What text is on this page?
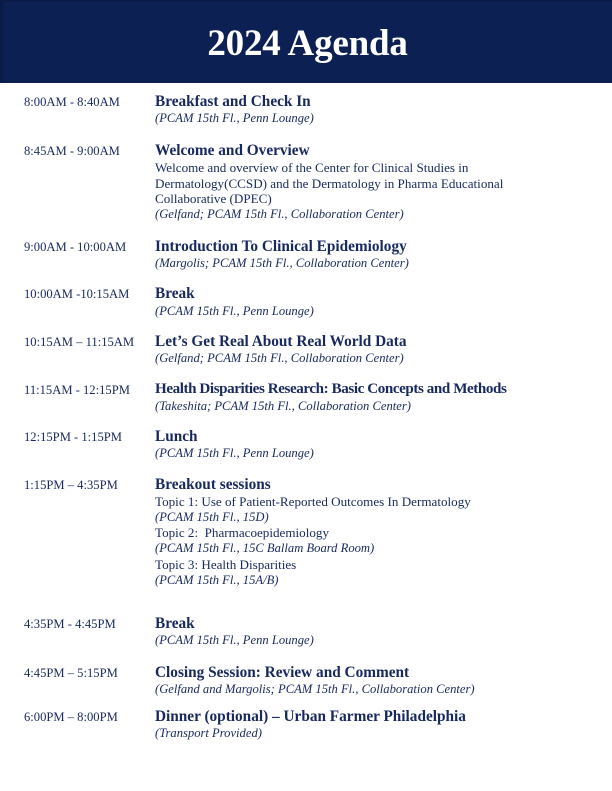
2024 Agenda
8:00AM - 8:40AM	Breakfast and Check In
(PCAM 15th Fl., Penn Lounge)
8:45AM - 9:00AM	Welcome and Overview
Welcome and overview of the Center for Clinical Studies in
Dermatology(CCSD) and the Dermatology in Pharma Educational
Collaborative (DPEC)
(Gelfand; PCAM 15th Fl., Collaboration Center)
9:00AM - 10:00AM	Introduction To Clinical Epidemiology
(Margolis; PCAM 15th Fl., Collaboration Center)
10:00AM -10:15AM	Break
(PCAM 15th Fl., Penn Lounge)
10:15AM – 11:15AM	Let’s Get Real About Real World Data
(Gelfand; PCAM 15th Fl., Collaboration Center)
11:15AM - 12:15PM	Health Disparities Research: Basic Concepts and Methods
(Takeshita; PCAM 15th Fl., Collaboration Center)
12:15PM - 1:15PM	Lunch
(PCAM 15th Fl., Penn Lounge)
1:15PM – 4:35PM	Breakout sessions
Topic 1: Use of Patient-Reported Outcomes In Dermatology
(PCAM 15th Fl., 15D)
Topic 2:  Pharmacoepidemiology
(PCAM 15th Fl., 15C Ballam Board Room)
Topic 3: Health Disparities
(PCAM 15th Fl., 15A/B)
4:35PM - 4:45PM	Break
(PCAM 15th Fl., Penn Lounge)
4:45PM – 5:15PM	Closing Session: Review and Comment
(Gelfand and Margolis; PCAM 15th Fl., Collaboration Center)
6:00PM – 8:00PM	Dinner (optional) – Urban Farmer Philadelphia
(Transport Provided)
